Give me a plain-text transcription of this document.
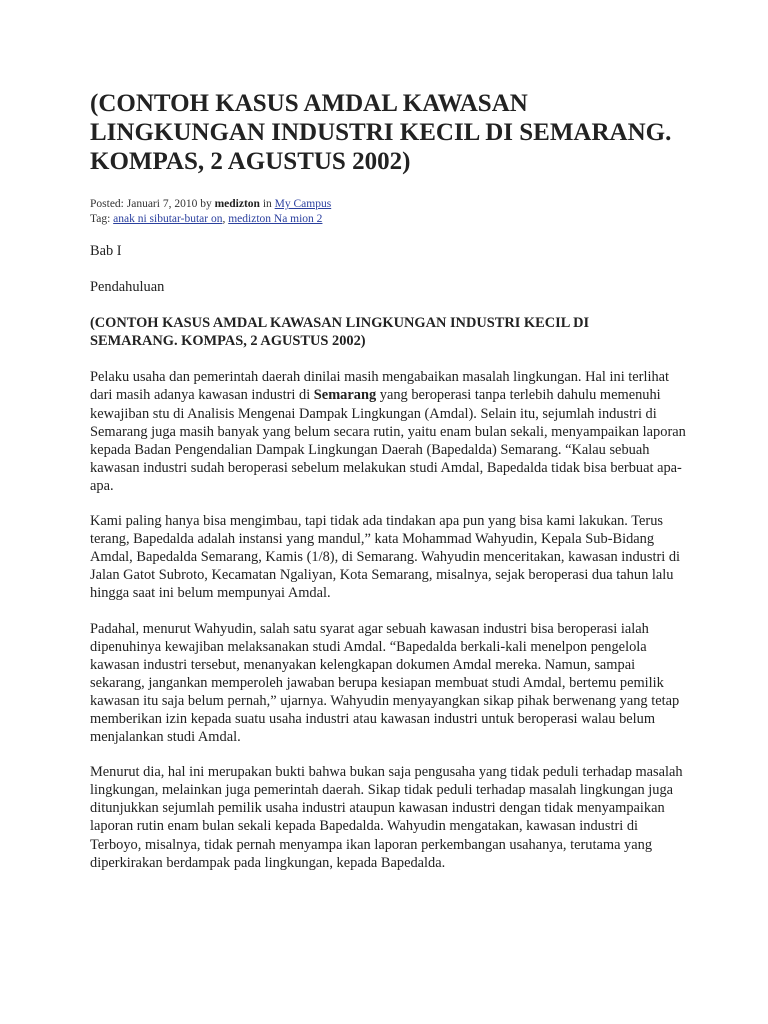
(CONTOH KASUS AMDAL KAWASAN LINGKUNGAN INDUSTRI KECIL DI SEMARANG. KOMPAS, 2 AGUSTUS 2002)
Posted: Januari 7, 2010 by medizton in My Campus
Tag: anak ni sibutar-butar on, medizton Na mion 2

Bab I

Pendahuluan

(CONTOH KASUS AMDAL KAWASAN LINGKUNGAN INDUSTRI KECIL DI SEMARANG. KOMPAS, 2 AGUSTUS 2002)

Pelaku usaha dan pemerintah daerah dinilai masih mengabaikan masalah lingkungan. Hal ini terlihat dari masih adanya kawasan industri di Semarang yang beroperasi tanpa terlebih dahulu memenuhi kewajiban stu di Analisis Mengenai Dampak Lingkungan (Amdal). Selain itu, sejumlah industri di Semarang juga masih banyak yang belum secara rutin, yaitu enam bulan sekali, menyampaikan laporan kepada Badan Pengendalian Dampak Lingkungan Daerah (Bapedalda) Semarang. “Kalau sebuah kawasan industri sudah beroperasi sebelum melakukan studi Amdal, Bapedalda tidak bisa berbuat apa-apa.

Kami paling hanya bisa mengimbau, tapi tidak ada tindakan apa pun yang bisa kami lakukan. Terus terang, Bapedalda adalah instansi yang mandul,” kata Mohammad Wahyudin, Kepala Sub-Bidang Amdal, Bapedalda Semarang, Kamis (1/8), di Semarang. Wahyudin menceritakan, kawasan industri di Jalan Gatot Subroto, Kecamatan Ngaliyan, Kota Semarang, misalnya, sejak beroperasi dua tahun lalu hingga saat ini belum mempunyai Amdal.

Padahal, menurut Wahyudin, salah satu syarat agar sebuah kawasan industri bisa beroperasi ialah dipenuhinya kewajiban melaksanakan studi Amdal. “Bapedalda berkali-kali menelpon pengelola kawasan industri tersebut, menanyakan kelengkapan dokumen Amdal mereka. Namun, sampai sekarang, jangankan memperoleh jawaban berupa kesiapan membuat studi Amdal, bertemu pemilik kawasan itu saja belum pernah,” ujarnya. Wahyudin menyayangkan sikap pihak berwenang yang tetap memberikan izin kepada suatu usaha industri atau kawasan industri untuk beroperasi walau belum menjalankan studi Amdal.

Menurut dia, hal ini merupakan bukti bahwa bukan saja pengusaha yang tidak peduli terhadap masalah lingkungan, melainkan juga pemerintah daerah. Sikap tidak peduli terhadap masalah lingkungan juga ditunjukkan sejumlah pemilik usaha industri ataupun kawasan industri dengan tidak menyampaikan laporan rutin enam bulan sekali kepada Bapedalda. Wahyudin mengatakan, kawasan industri di Terboyo, misalnya, tidak pernah menyampa ikan laporan perkembangan usahanya, terutama yang diperkirakan berdampak pada lingkungan, kepada Bapedalda.
